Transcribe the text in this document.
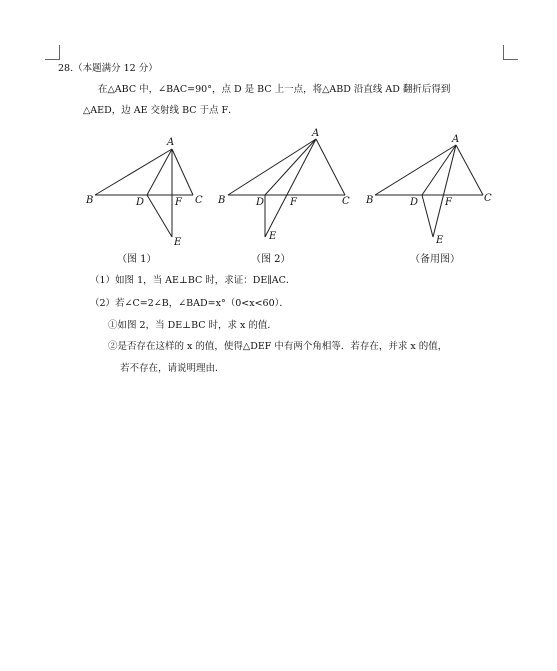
28.（本题满分 12 分）
在△ABC 中，∠BAC=90°，点 D 是 BC 上一点，将△ABD 沿直线 AD 翻折后得到
△AED，边 AE 交射线 BC 于点 F．
A
B	C
D	F
E
（图 1）
A
B	C
D	F
E
（图 2）
A
B	C
D	F
E
（备用图）
（1）如图 1，当 AE⊥BC 时，求证：DE∥AC．
（2）若∠C=2∠B，∠BAD=x°（0<x<60）．
①如图 2，当 DE⊥BC 时，求 x 的值．
②是否存在这样的 x 的值，使得△DEF 中有两个角相等．若存在，并求 x 的值，
若不存在，请说明理由．
